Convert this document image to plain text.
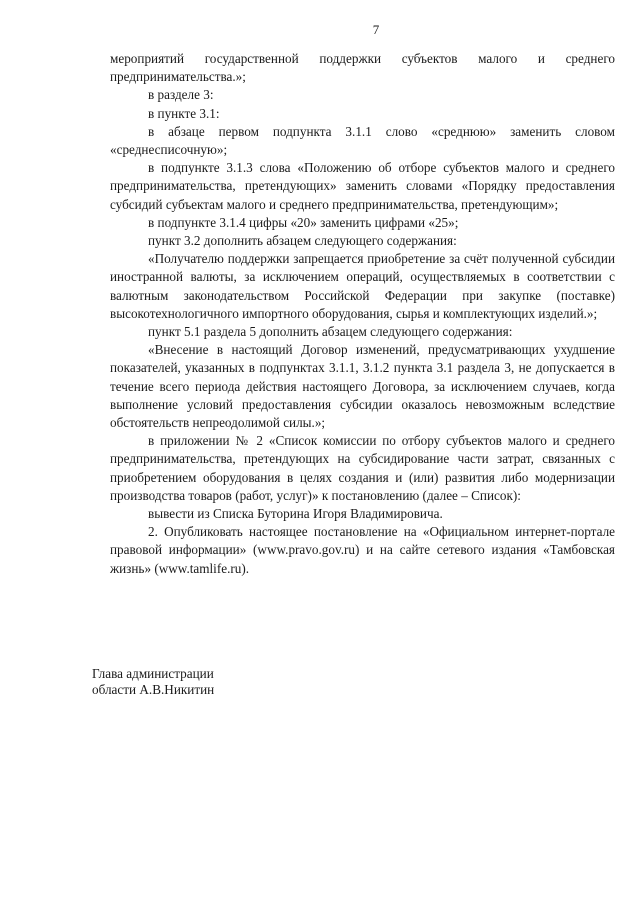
7

мероприятий государственной поддержки субъектов малого и среднего предпринимательства.»;

в разделе 3:

в пункте 3.1:

в абзаце первом подпункта 3.1.1 слово «среднюю» заменить словом «среднесписочную»;

в подпункте 3.1.3 слова «Положению об отборе субъектов малого и среднего предпринимательства, претендующих» заменить словами «Порядку предоставления субсидий субъектам малого и среднего предпринимательства, претендующим»;

в подпункте 3.1.4 цифры «20» заменить цифрами «25»;

пункт 3.2 дополнить абзацем следующего содержания:

«Получателю поддержки запрещается приобретение за счёт полученной субсидии иностранной валюты, за исключением операций, осуществляемых в соответствии с валютным законодательством Российской Федерации при закупке (поставке) высокотехнологичного импортного оборудования, сырья и комплектующих изделий.»;

пункт 5.1 раздела 5 дополнить абзацем следующего содержания:

«Внесение в настоящий Договор изменений, предусматривающих ухудшение показателей, указанных в подпунктах 3.1.1, 3.1.2 пункта 3.1 раздела 3, не допускается в течение всего периода действия настоящего Договора, за исключением случаев, когда выполнение условий предоставления субсидии оказалось невозможным вследствие обстоятельств непреодолимой силы.»;

в приложении № 2 «Список комиссии по отбору субъектов малого и среднего предпринимательства, претендующих на субсидирование части затрат, связанных с приобретением оборудования в целях создания и (или) развития либо модернизации производства товаров (работ, услуг)» к постановлению (далее – Список):

вывести из Списка Буторина Игоря Владимировича.

2. Опубликовать настоящее постановление на «Официальном интернет-портале правовой информации» (www.pravo.gov.ru) и на сайте сетевого издания «Тамбовская жизнь» (www.tamlife.ru).

Глава администрации
области А.В.Никитин
